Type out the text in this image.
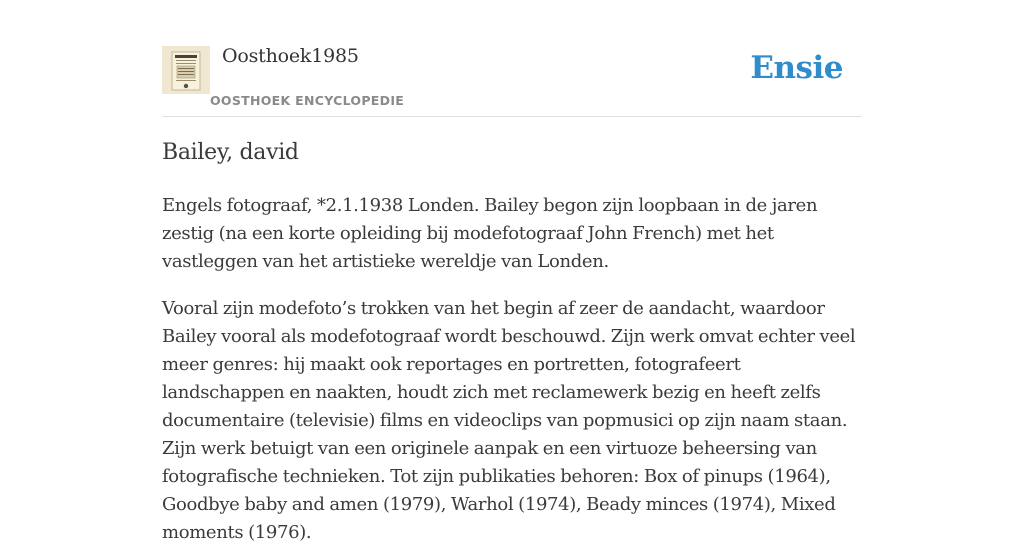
Oosthoek1985
OOSTHOEK ENCYCLOPEDIE
Ensie
Bailey, david

Engels fotograaf, *2.1.1938 Londen. Bailey begon zijn loopbaan in de jaren zestig (na een korte opleiding bij modefotograaf John French) met het vastleggen van het artistieke wereldje van Londen.

Vooral zijn modefoto’s trokken van het begin af zeer de aandacht, waardoor Bailey vooral als modefotograaf wordt beschouwd. Zijn werk omvat echter veel meer genres: hij maakt ook reportages en portretten, fotografeert landschappen en naakten, houdt zich met reclamewerk bezig en heeft zelfs documentaire (televisie) films en videoclips van popmusici op zijn naam staan. Zijn werk betuigt van een originele aanpak en een virtuoze beheersing van fotografische technieken. Tot zijn publikaties behoren: Box of pinups (1964), Goodbye baby and amen (1979), Warhol (1974), Beady minces (1974), Mixed moments (1976).
